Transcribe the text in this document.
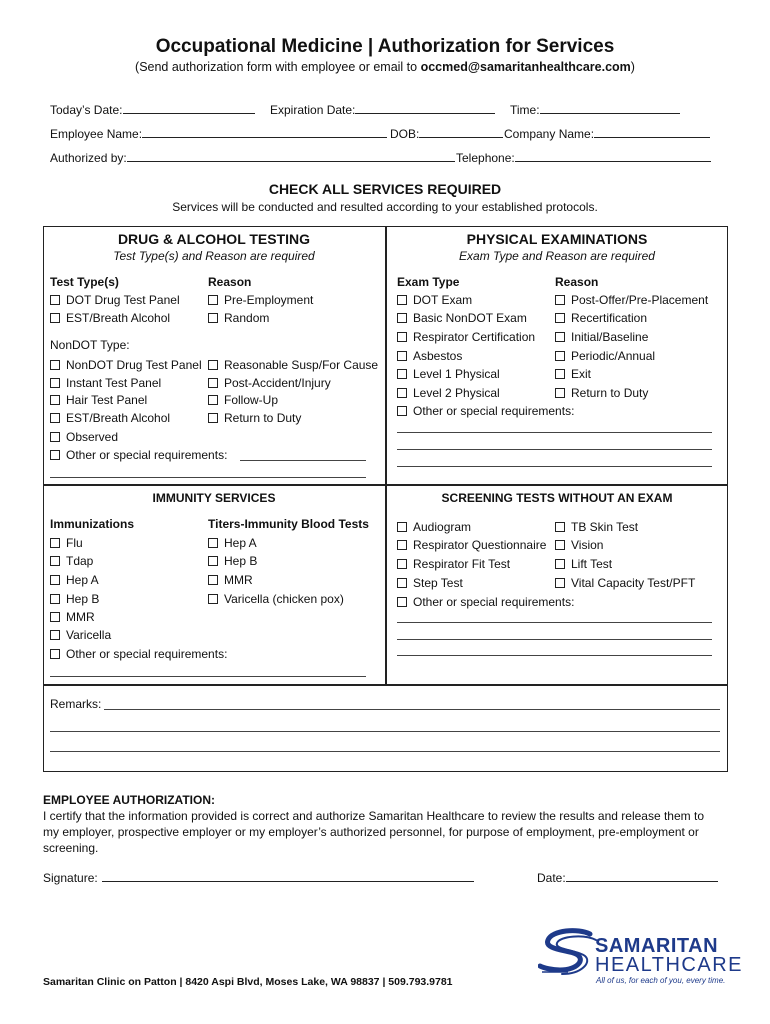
Occupational Medicine | Authorization for Services
(Send authorization form with employee or email to occmed@samaritanhealthcare.com)
Today’s Date:	Expiration Date:	Time:
Employee Name:	DOB:	Company Name:
Authorized by:	Telephone:
CHECK ALL SERVICES REQUIRED
Services will be conducted and resulted according to your established protocols.
DRUG & ALCOHOL TESTING
Test Type(s) and Reason are required
Test Type(s)	Reason
DOT Drug Test Panel
EST/Breath Alcohol
Pre-Employment
Random
NonDOT Type:
NonDOT Drug Test Panel
Instant Test Panel
Hair Test Panel
EST/Breath Alcohol
Observed
Other or special requirements:
Reasonable Susp/For Cause
Post-Accident/Injury
Follow-Up
Return to Duty
PHYSICAL EXAMINATIONS
Exam Type and Reason are required
Exam Type	Reason
DOT Exam
Basic NonDOT Exam
Respirator Certification
Asbestos
Level 1 Physical
Level 2 Physical
Other or special requirements:
Post-Offer/Pre-Placement
Recertification
Initial/Baseline
Periodic/Annual
Exit
Return to Duty
IMMUNITY SERVICES
Immunizations	Titers-Immunity Blood Tests
Flu
Tdap
Hep A
Hep B
MMR
Varicella
Other or special requirements:
Hep A
Hep B
MMR
Varicella (chicken pox)
SCREENING TESTS WITHOUT AN EXAM
Audiogram
Respirator Questionnaire
Respirator Fit Test
Step Test
Other or special requirements:
TB Skin Test
Vision
Lift Test
Vital Capacity Test/PFT
Remarks:
EMPLOYEE AUTHORIZATION:
I certify that the information provided is correct and authorize Samaritan Healthcare to review the results and release them to my employer, prospective employer or my employer’s authorized personnel, for purpose of employment, pre-employment or screening.
Signature:	Date:
Samaritan Clinic on Patton | 8420 Aspi Blvd, Moses Lake, WA 98837 | 509.793.9781
SAMARITAN
HEALTHCARE
All of us, for each of you, every time.
